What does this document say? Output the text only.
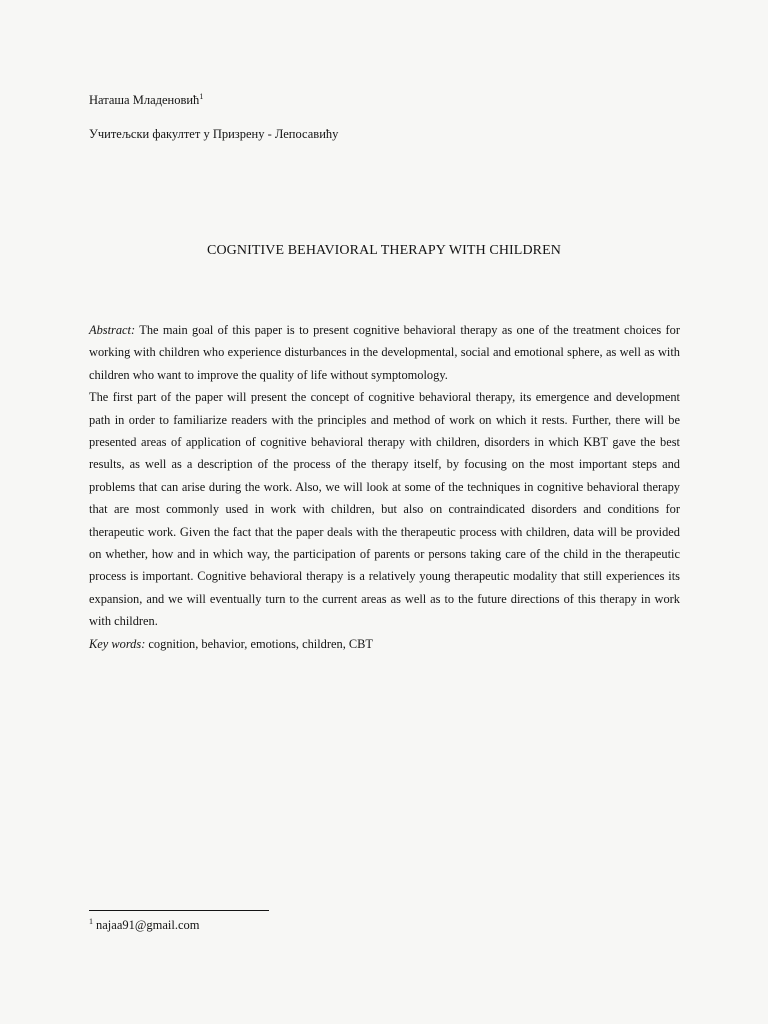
Наташа Младеновић$^1$
Учитељски факултет у Призрену - Лепосавићу
COGNITIVE BEHAVIORAL THERAPY WITH CHILDREN

Abstract: The main goal of this paper is to present cognitive behavioral therapy as one of the treatment choices for working with children who experience disturbances in the developmental, social and emotional sphere, as well as with children who want to improve the quality of life without symptomology.

The first part of the paper will present the concept of cognitive behavioral therapy, its emergence and development path in order to familiarize readers with the principles and method of work on which it rests. Further, there will be presented areas of application of cognitive behavioral therapy with children, disorders in which KBT gave the best results, as well as a description of the process of the therapy itself, by focusing on the most important steps and problems that can arise during the work. Also, we will look at some of the techniques in cognitive behavioral therapy that are most commonly used in work with children, but also on contraindicated disorders and conditions for therapeutic work. Given the fact that the paper deals with the therapeutic process with children, data will be provided on whether, how and in which way, the participation of parents or persons taking care of the child in the therapeutic process is important. Cognitive behavioral therapy is a relatively young therapeutic modality that still experiences its expansion, and we will eventually turn to the current areas as well as to the future directions of this therapy in work with children.

Key words: cognition, behavior, emotions, children, CBT

$^1$ najaa91@gmail.com
